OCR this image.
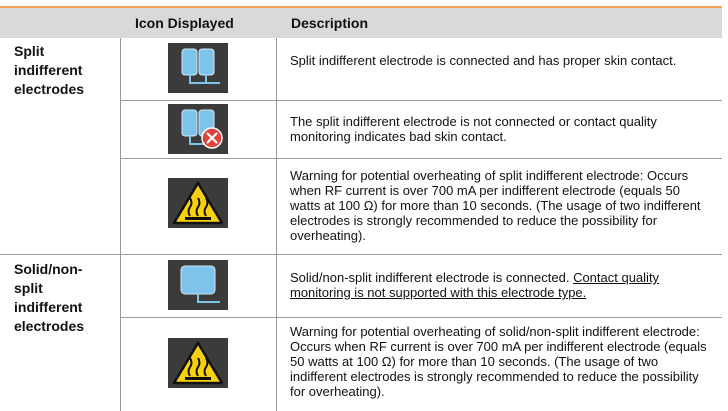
Icon Displayed	Description
Split
indifferent
electrodes
Split indifferent electrode is connected and has proper skin contact.
The split indifferent electrode is not connected or contact quality monitoring indicates bad skin contact.
Warning for potential overheating of split indifferent electrode: Occurs when RF current is over 700 mA per indifferent electrode (equals 50 watts at 100 Ω) for more than 10 seconds. (The usage of two indifferent electrodes is strongly recommended to reduce the possibility for overheating).
Solid/non-
split
indifferent
electrodes
Solid/non-split indifferent electrode is connected. Contact quality monitoring is not supported with this electrode type.
Warning for potential overheating of solid/non-split indifferent electrode: Occurs when RF current is over 700 mA per indifferent electrode (equals 50 watts at 100 Ω) for more than 10 seconds. (The usage of two indifferent electrodes is strongly recommended to reduce the possibility for overheating).
